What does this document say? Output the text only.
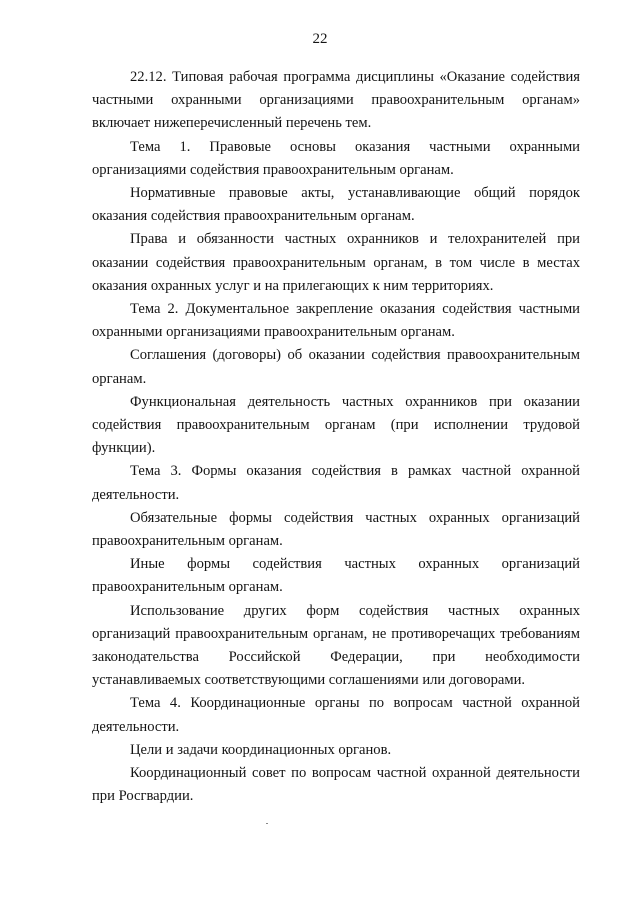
22

22.12. Типовая рабочая программа дисциплины «Оказание содействия частными охранными организациями правоохранительным органам» включает нижеперечисленный перечень тем.

Тема 1. Правовые основы оказания частными охранными организациями содействия правоохранительным органам.

Нормативные правовые акты, устанавливающие общий порядок оказания содействия правоохранительным органам.

Права и обязанности частных охранников и телохранителей при оказании содействия правоохранительным органам, в том числе в местах оказания охранных услуг и на прилегающих к ним территориях.

Тема 2. Документальное закрепление оказания содействия частными охранными организациями правоохранительным органам.

Соглашения (договоры) об оказании содействия правоохранительным органам.

Функциональная деятельность частных охранников при оказании содействия правоохранительным органам (при исполнении трудовой функции).

Тема 3. Формы оказания содействия в рамках частной охранной деятельности.

Обязательные формы содействия частных охранных организаций правоохранительным органам.

Иные формы содействия частных охранных организаций правоохранительным органам.

Использование других форм содействия частных охранных организаций правоохранительным органам, не противоречащих требованиям законодательства Российской Федерации, при необходимости устанавливаемых соответствующими соглашениями или договорами.

Тема 4. Координационные органы по вопросам частной охранной деятельности.

Цели и задачи координационных органов.

Координационный совет по вопросам частной охранной деятельности при Росгвардии.
